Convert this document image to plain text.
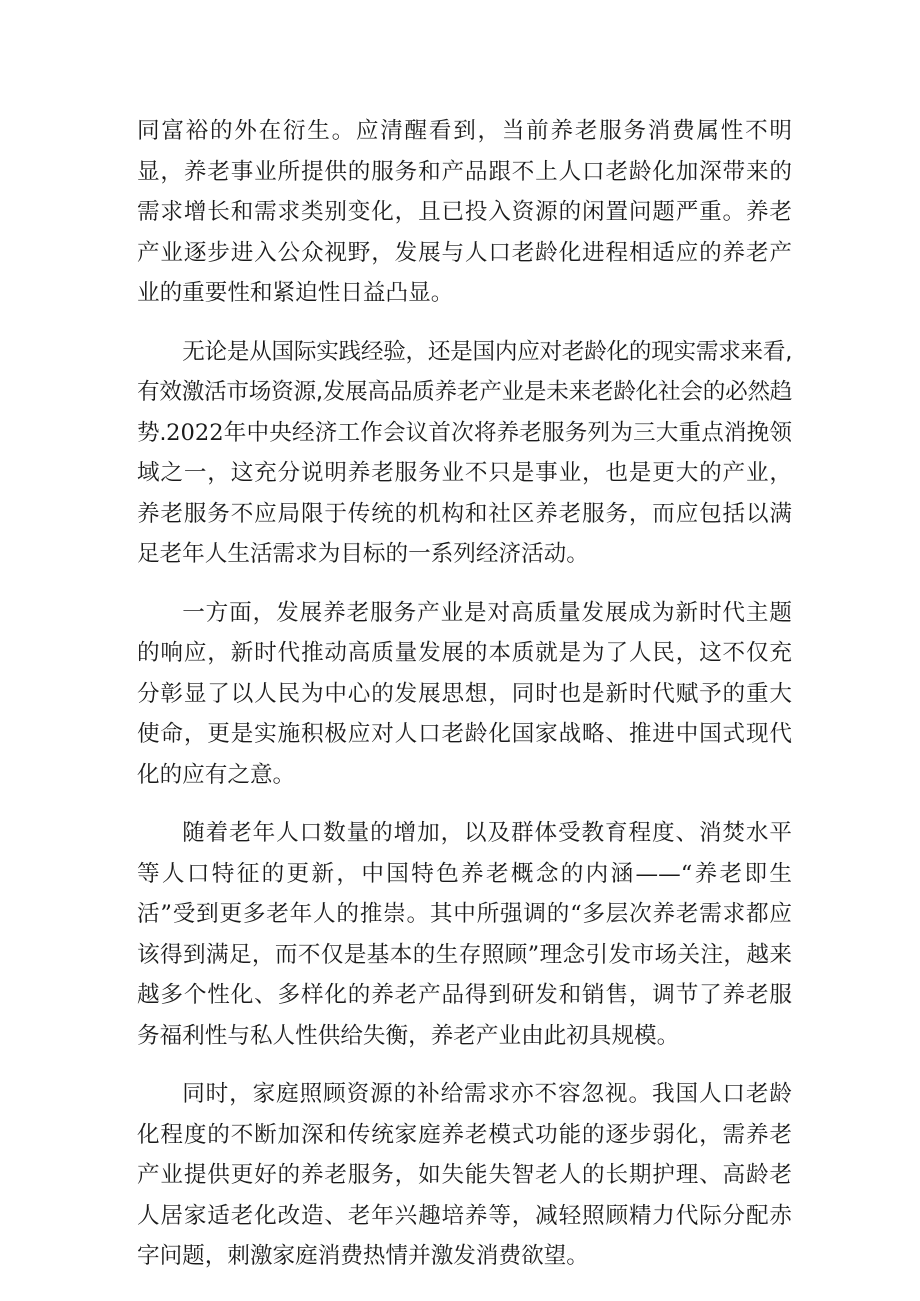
同富裕的外在衍生。应清醒看到，当前养老服务消费属性不明显，养老事业所提供的服务和产品跟不上人口老龄化加深带来的需求增长和需求类别变化，且已投入资源的闲置问题严重。养老产业逐步进入公众视野，发展与人口老龄化进程相适应的养老产业的重要性和紧迫性日益凸显。

无论是从国际实践经验，还是国内应对老龄化的现实需求来看,有效激活市场资源,发展高品质养老产业是未来老龄化社会的必然趋势.2022年中央经济工作会议首次将养老服务列为三大重点消挽领域之一，这充分说明养老服务业不只是事业，也是更大的产业，养老服务不应局限于传统的机构和社区养老服务，而应包括以满足老年人生活需求为目标的一系列经济活动。

一方面，发展养老服务产业是对高质量发展成为新时代主题的响应，新时代推动高质量发展的本质就是为了人民，这不仅充分彰显了以人民为中心的发展思想，同时也是新时代赋予的重大使命，更是实施积极应对人口老龄化国家战略、推进中国式现代化的应有之意。

随着老年人口数量的增加，以及群体受教育程度、消焚水平等人口特征的更新，中国特色养老概念的内涵——“养老即生活”受到更多老年人的推崇。其中所强调的“多层次养老需求都应该得到满足，而不仅是基本的生存照顾”理念引发市场关注，越来越多个性化、多样化的养老产品得到研发和销售，调节了养老服务福利性与私人性供给失衡，养老产业由此初具规模。

同时，家庭照顾资源的补给需求亦不容忽视。我国人口老龄化程度的不断加深和传统家庭养老模式功能的逐步弱化，需养老产业提供更好的养老服务，如失能失智老人的长期护理、高龄老人居家适老化改造、老年兴趣培养等，减轻照顾精力代际分配赤字问题，刺激家庭消费热情并激发消费欲望。
